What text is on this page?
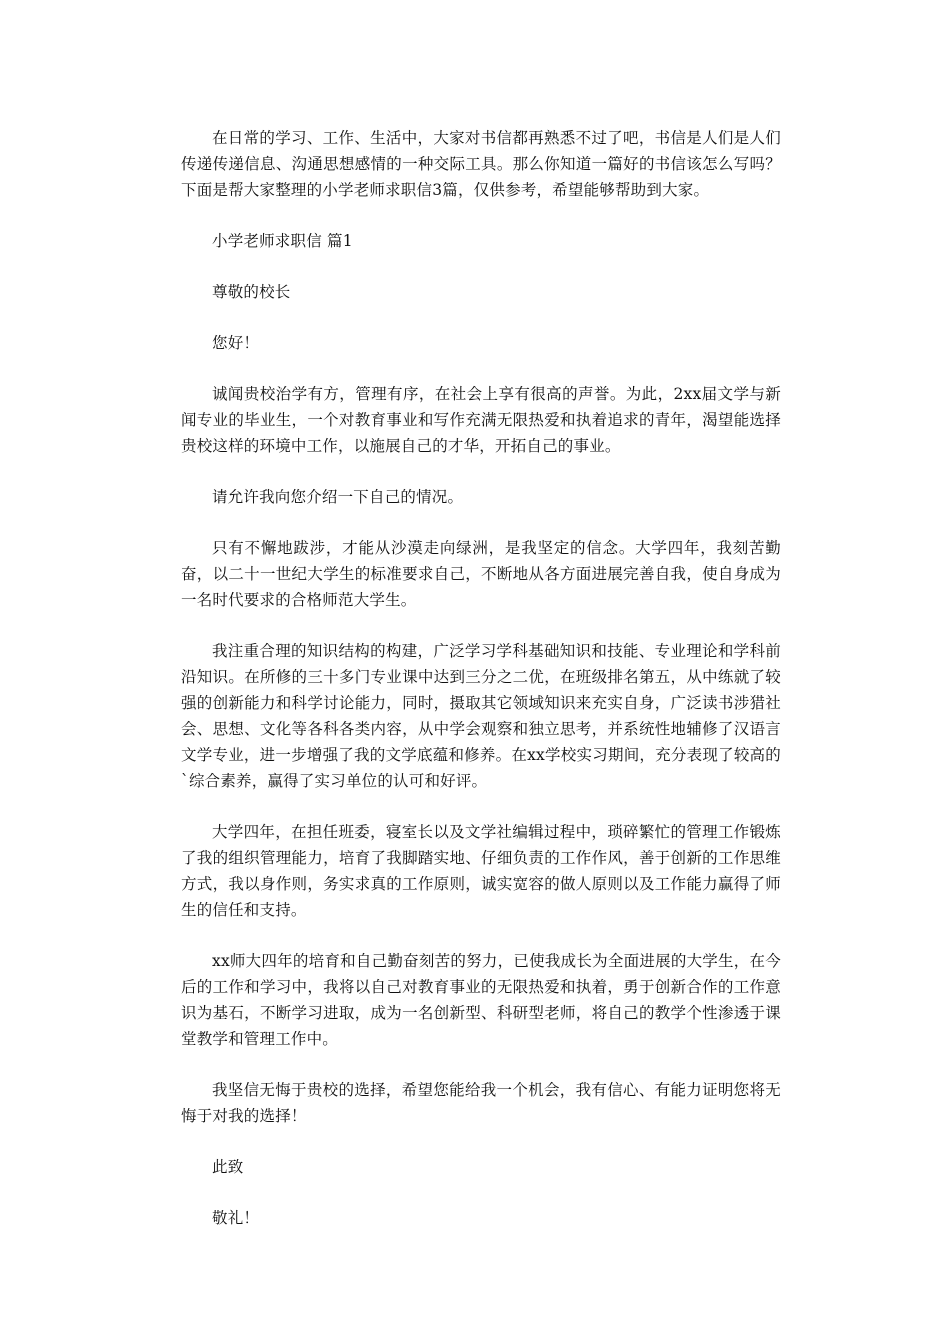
在日常的学习、工作、生活中，大家对书信都再熟悉不过了吧，书信是人们是人们传递传递信息、沟通思想感情的一种交际工具。那么你知道一篇好的书信该怎么写吗？下面是帮大家整理的小学老师求职信3篇，仅供参考，希望能够帮助到大家。

小学老师求职信 篇1

尊敬的校长

您好！

诚闻贵校治学有方，管理有序，在社会上享有很高的声誉。为此，2xx届文学与新闻专业的毕业生，一个对教育事业和写作充满无限热爱和执着追求的青年，渴望能选择贵校这样的环境中工作，以施展自己的才华，开拓自己的事业。

请允许我向您介绍一下自己的情况。

只有不懈地跋涉，才能从沙漠走向绿洲，是我坚定的信念。大学四年，我刻苦勤奋，以二十一世纪大学生的标准要求自己，不断地从各方面进展完善自我，使自身成为一名时代要求的合格师范大学生。

我注重合理的知识结构的构建，广泛学习学科基础知识和技能、专业理论和学科前沿知识。在所修的三十多门专业课中达到三分之二优，在班级排名第五，从中练就了较强的创新能力和科学讨论能力，同时，摄取其它领域知识来充实自身，广泛读书涉猎社会、思想、文化等各科各类内容，从中学会观察和独立思考，并系统性地辅修了汉语言文学专业，进一步增强了我的文学底蕴和修养。在xx学校实习期间，充分表现了较高的`综合素养，赢得了实习单位的认可和好评。

大学四年，在担任班委，寝室长以及文学社编辑过程中，琐碎繁忙的管理工作锻炼了我的组织管理能力，培育了我脚踏实地、仔细负责的工作作风，善于创新的工作思维方式，我以身作则，务实求真的工作原则，诚实宽容的做人原则以及工作能力赢得了师生的信任和支持。

xx师大四年的培育和自己勤奋刻苦的努力，已使我成长为全面进展的大学生，在今后的工作和学习中，我将以自己对教育事业的无限热爱和执着，勇于创新合作的工作意识为基石，不断学习进取，成为一名创新型、科研型老师，将自己的教学个性渗透于课堂教学和管理工作中。

我坚信无悔于贵校的选择，希望您能给我一个机会，我有信心、有能力证明您将无悔于对我的选择！

此致

敬礼！
